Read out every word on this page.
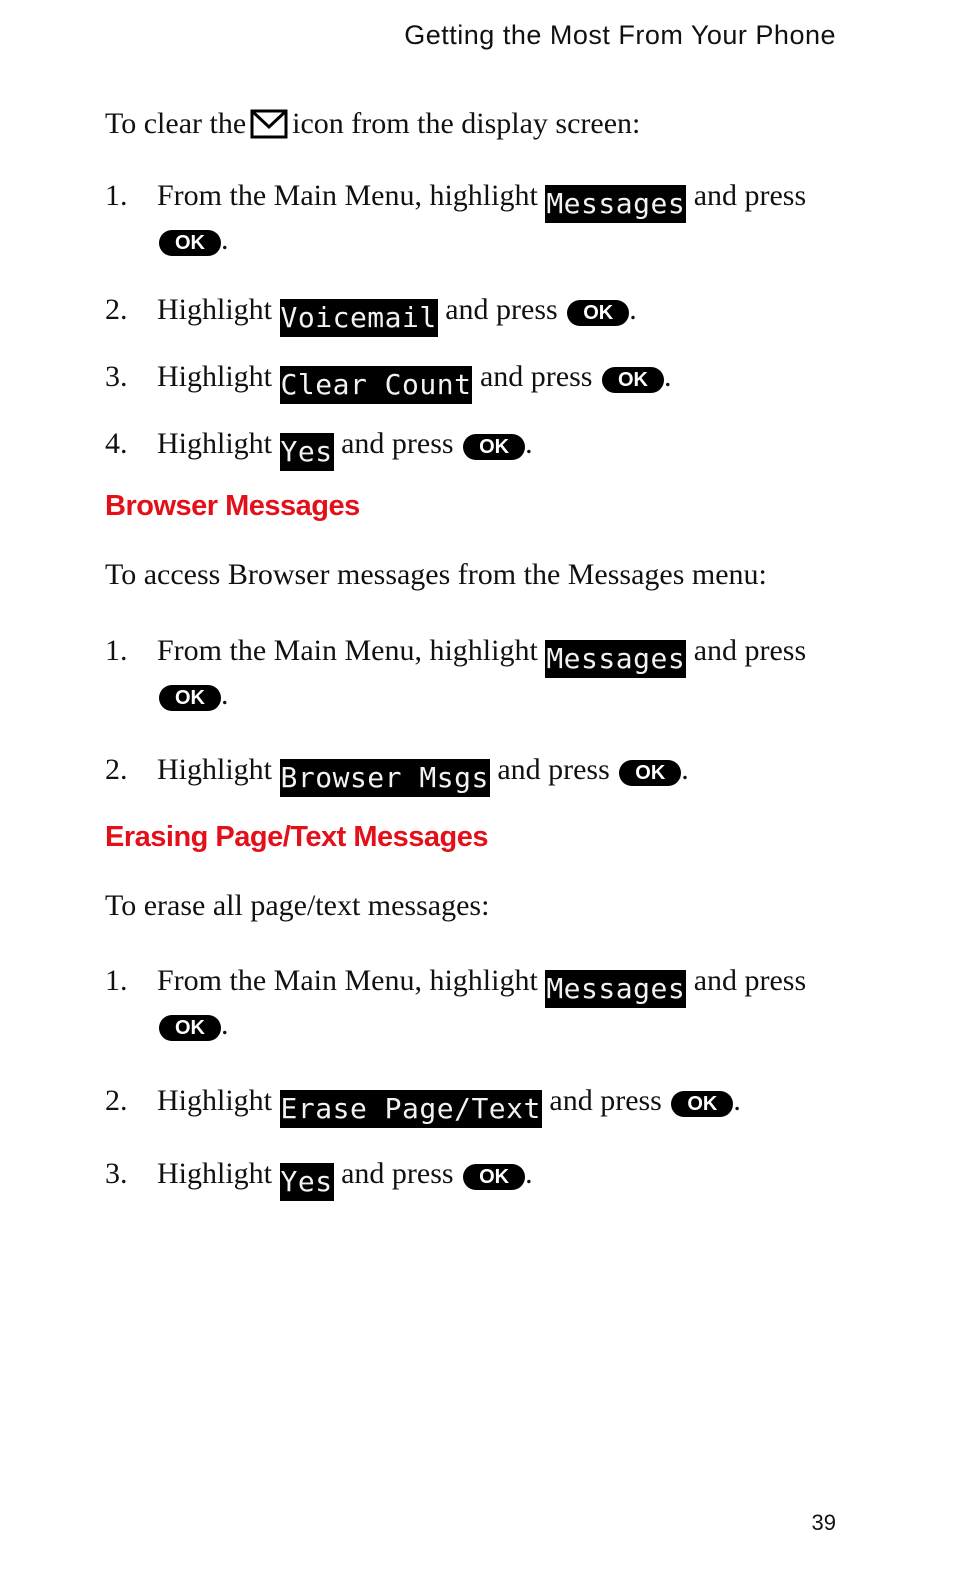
Getting the Most From Your Phone
To clear the icon from the display screen:
1. From the Main Menu, highlight Messages and press
OK .
2. Highlight Voicemail and press OK .
3. Highlight Clear Count and press OK .
4. Highlight Yes and press OK .
Browser Messages
To access Browser messages from the Messages menu:
1. From the Main Menu, highlight Messages and press
OK .
2. Highlight Browser Msgs and press OK .
Erasing Page/Text Messages
To erase all page/text messages:
1. From the Main Menu, highlight Messages and press
OK .
2. Highlight Erase Page/Text and press OK .
3. Highlight Yes and press OK .
39
